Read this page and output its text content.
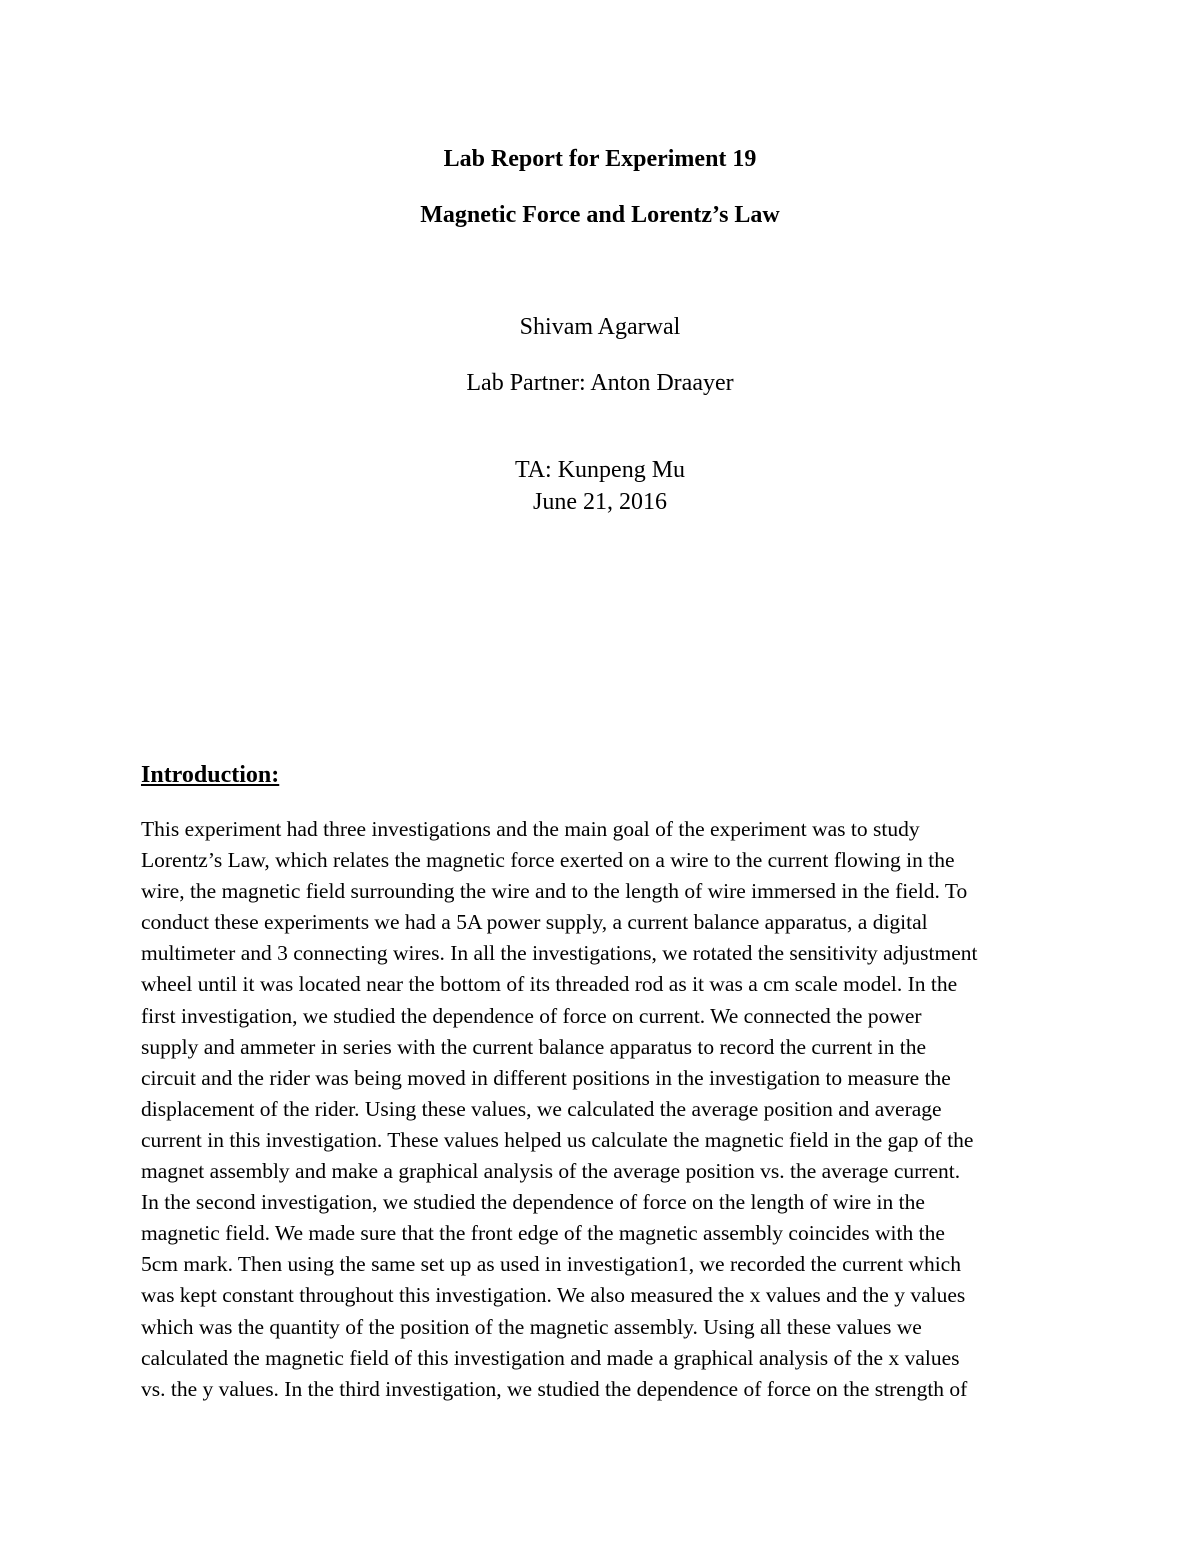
Lab Report for Experiment 19
Magnetic Force and Lorentz’s Law
Shivam Agarwal
Lab Partner: Anton Draayer
TA: Kunpeng Mu
June 21, 2016
Introduction:
This experiment had three investigations and the main goal of the experiment was to study
Lorentz’s Law, which relates the magnetic force exerted on a wire to the current flowing in the
wire, the magnetic field surrounding the wire and to the length of wire immersed in the field. To
conduct these experiments we had a 5A power supply, a current balance apparatus, a digital
multimeter and 3 connecting wires. In all the investigations, we rotated the sensitivity adjustment
wheel until it was located near the bottom of its threaded rod as it was a cm scale model. In the
first investigation, we studied the dependence of force on current. We connected the power
supply and ammeter in series with the current balance apparatus to record the current in the
circuit and the rider was being moved in different positions in the investigation to measure the
displacement of the rider. Using these values, we calculated the average position and average
current in this investigation. These values helped us calculate the magnetic field in the gap of the
magnet assembly and make a graphical analysis of the average position vs. the average current.
In the second investigation, we studied the dependence of force on the length of wire in the
magnetic field. We made sure that the front edge of the magnetic assembly coincides with the
5cm mark. Then using the same set up as used in investigation1, we recorded the current which
was kept constant throughout this investigation. We also measured the x values and the y values
which was the quantity of the position of the magnetic assembly. Using all these values we
calculated the magnetic field of this investigation and made a graphical analysis of the x values
vs. the y values. In the third investigation, we studied the dependence of force on the strength of
